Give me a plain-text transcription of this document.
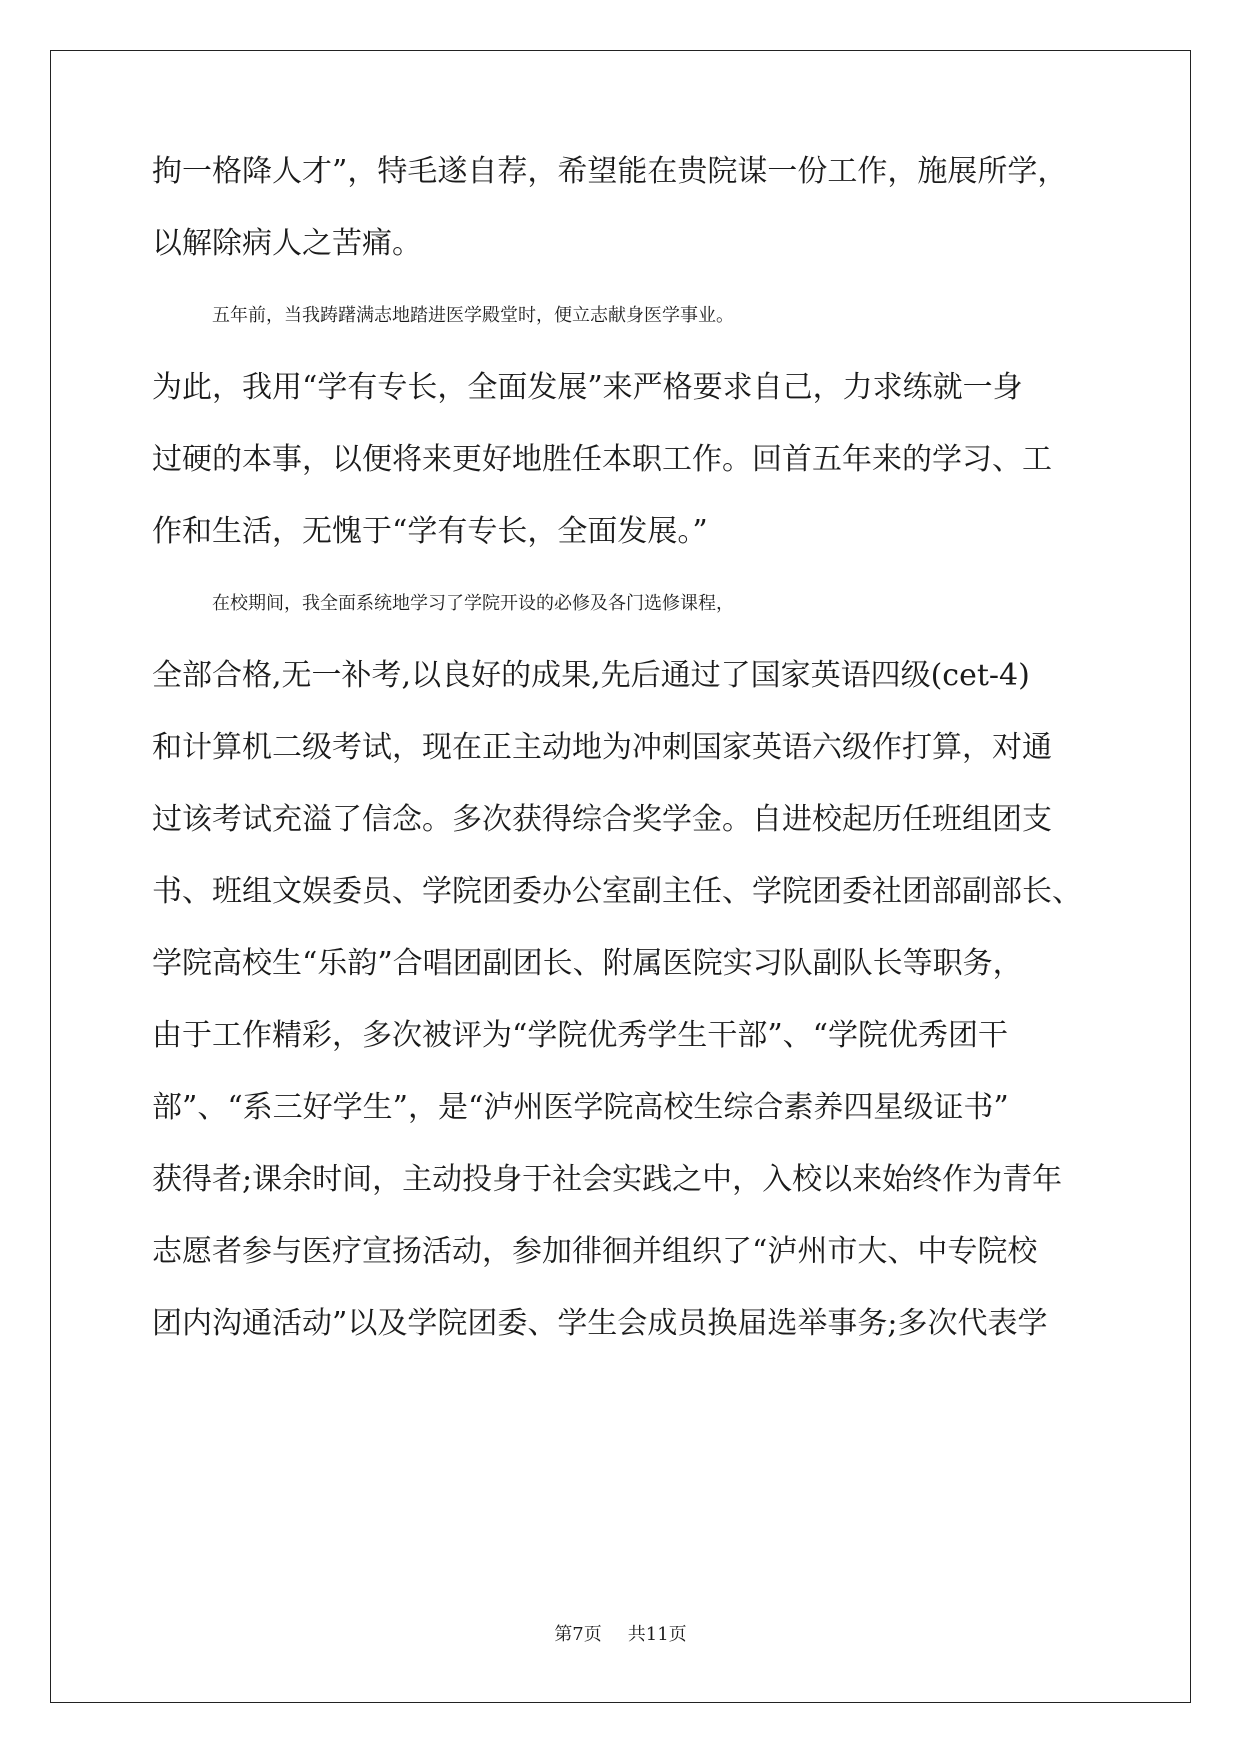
拘一格降人才”，特毛遂自荐，希望能在贵院谋一份工作，施展所学，
以解除病人之苦痛。
五年前，当我踌躇满志地踏进医学殿堂时，便立志献身医学事业。
为此，我用“学有专长，全面发展”来严格要求自己，力求练就一身
过硬的本事，以便将来更好地胜任本职工作。回首五年来的学习、工
作和生活，无愧于“学有专长，全面发展。”
在校期间，我全面系统地学习了学院开设的必修及各门选修课程，
全部合格,无一补考,以良好的成果,先后通过了国家英语四级(cet-4)
和计算机二级考试，现在正主动地为冲刺国家英语六级作打算，对通
过该考试充溢了信念。多次获得综合奖学金。自进校起历任班组团支
书、班组文娱委员、学院团委办公室副主任、学院团委社团部副部长、
学院高校生“乐韵”合唱团副团长、附属医院实习队副队长等职务，
由于工作精彩，多次被评为“学院优秀学生干部”、“学院优秀团干
部”、“系三好学生”，是“泸州医学院高校生综合素养四星级证书”
获得者;课余时间，主动投身于社会实践之中，入校以来始终作为青年
志愿者参与医疗宣扬活动，参加徘徊并组织了“泸州市大、中专院校
团内沟通活动”以及学院团委、学生会成员换届选举事务;多次代表学
第7页 共11页
